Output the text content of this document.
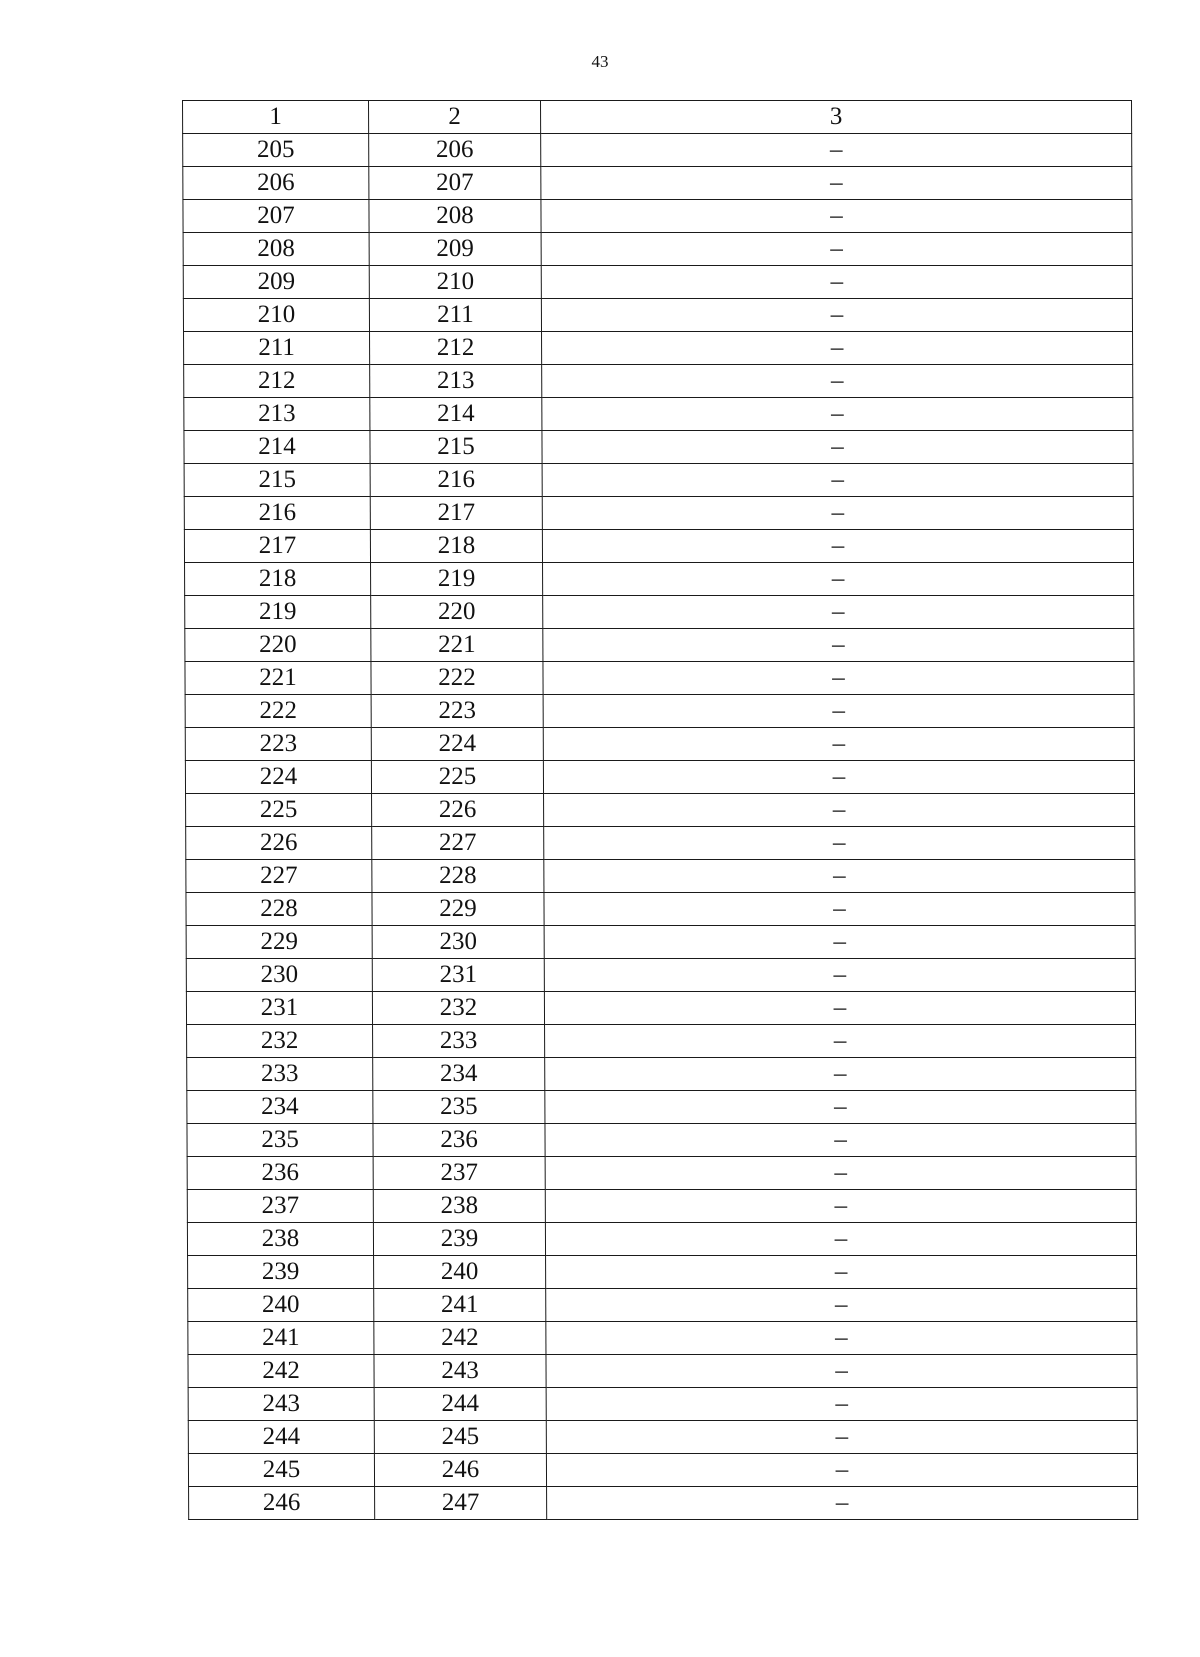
43
1	2	3
205	206	–
206	207	–
207	208	–
208	209	–
209	210	–
210	211	–
211	212	–
212	213	–
213	214	–
214	215	–
215	216	–
216	217	–
217	218	–
218	219	–
219	220	–
220	221	–
221	222	–
222	223	–
223	224	–
224	225	–
225	226	–
226	227	–
227	228	–
228	229	–
229	230	–
230	231	–
231	232	–
232	233	–
233	234	–
234	235	–
235	236	–
236	237	–
237	238	–
238	239	–
239	240	–
240	241	–
241	242	–
242	243	–
243	244	–
244	245	–
245	246	–
246	247	–
